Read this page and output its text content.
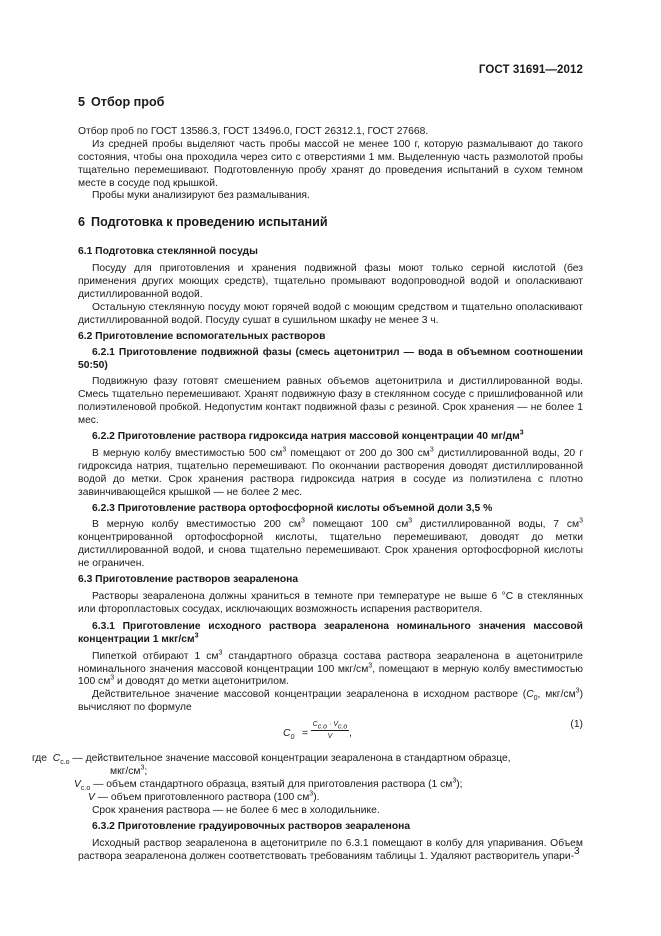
ГОСТ 31691—2012
5 Отбор проб

Отбор проб по ГОСТ 13586.3, ГОСТ 13496.0, ГОСТ 26312.1, ГОСТ 27668.

Из средней пробы выделяют часть пробы массой не менее 100 г, которую размалывают до такого состояния, чтобы она проходила через сито с отверстиями 1 мм. Выделенную часть размолотой пробы тщательно перемешивают. Подготовленную пробу хранят до проведения испытаний в сухом темном месте в сосуде под крышкой.

Пробы муки анализируют без размалывания.

6 Подготовка к проведению испытаний

6.1 Подготовка стеклянной посуды

Посуду для приготовления и хранения подвижной фазы моют только серной кислотой (без применения других моющих средств), тщательно промывают водопроводной водой и ополаскивают дистиллированной водой.

Остальную стеклянную посуду моют горячей водой с моющим средством и тщательно ополаскивают дистиллированной водой. Посуду сушат в сушильном шкафу не менее 3 ч.

6.2 Приготовление вспомогательных растворов

6.2.1 Приготовление подвижной фазы (смесь ацетонитрил — вода в объемном соотношении 50:50)

Подвижную фазу готовят смешением равных объемов ацетонитрила и дистиллированной воды. Смесь тщательно перемешивают. Хранят подвижную фазу в стеклянном сосуде с пришлифованной или полиэтиленовой пробкой. Недопустим контакт подвижной фазы с резиной. Срок хранения — не более 1 мес.

6.2.2 Приготовление раствора гидроксида натрия массовой концентрации 40 $мг/дм^3$

В мерную колбу вместимостью 500 $см^3$ помещают от 200 до 300 $см^3$ дистиллированной воды, 20 г гидроксида натрия, тщательно перемешивают. По окончании растворения доводят дистиллированной водой до метки. Срок хранения раствора гидроксида натрия в сосуде из полиэтилена с плотно завинчивающейся крышкой — не более 2 мес.

6.2.3 Приготовление раствора ортофосфорной кислоты объемной доли 3,5 %

В мерную колбу вместимостью 200 $см^3$ помещают 100 $см^3$ дистиллированной воды, 7 $см^3$ концентрированной ортофосфорной кислоты, тщательно перемешивают, доводят до метки дистиллированной водой, и снова тщательно перемешивают. Срок хранения ортофосфорной кислоты не ограничен.

6.3 Приготовление растворов зеараленона

Растворы зеараленона должны храниться в темноте при температуре не выше 6 °С в стеклянных или фторопластовых сосудах, исключающих возможность испарения растворителя.

6.3.1 Приготовление исходного раствора зеараленона номинального значения массовой концентрации 1 мкг/$см^3$

Пипеткой отбирают 1 $см^3$ стандартного образца состава раствора зеараленона в ацетонитриле номинального значения массовой концентрации 100 мкг/$см^3$, помещают в мерную колбу вместимостью 100 $см^3$ и доводят до метки ацетонитрилом.

Действительное значение массовой концентрации зеараленона в исходном растворе ($C_0$, мкг/$см^3$) вычисляют по формуле

$C_0$ =
$C_{с.о} \cdot V_{с.о}$
V	,
(1)
где $C_{с.о}$ — действительное значение массовой концентрации зеараленона в стандартном образце,
мкг/$см^3$;
$V_{с.о}$ — объем стандартного образца, взятый для приготовления раствора (1 $см^3$);
V — объем приготовленного раствора (100 $см^3$).

Срок хранения раствора — не более 6 мес в холодильнике.

6.3.2 Приготовление градуировочных растворов зеараленона

Исходный раствор зеараленона в ацетонитриле по 6.3.1 помещают в колбу для упаривания. Объем раствора зеараленона должен соответствовать требованиям таблицы 1. Удаляют растворитель упари- 3
